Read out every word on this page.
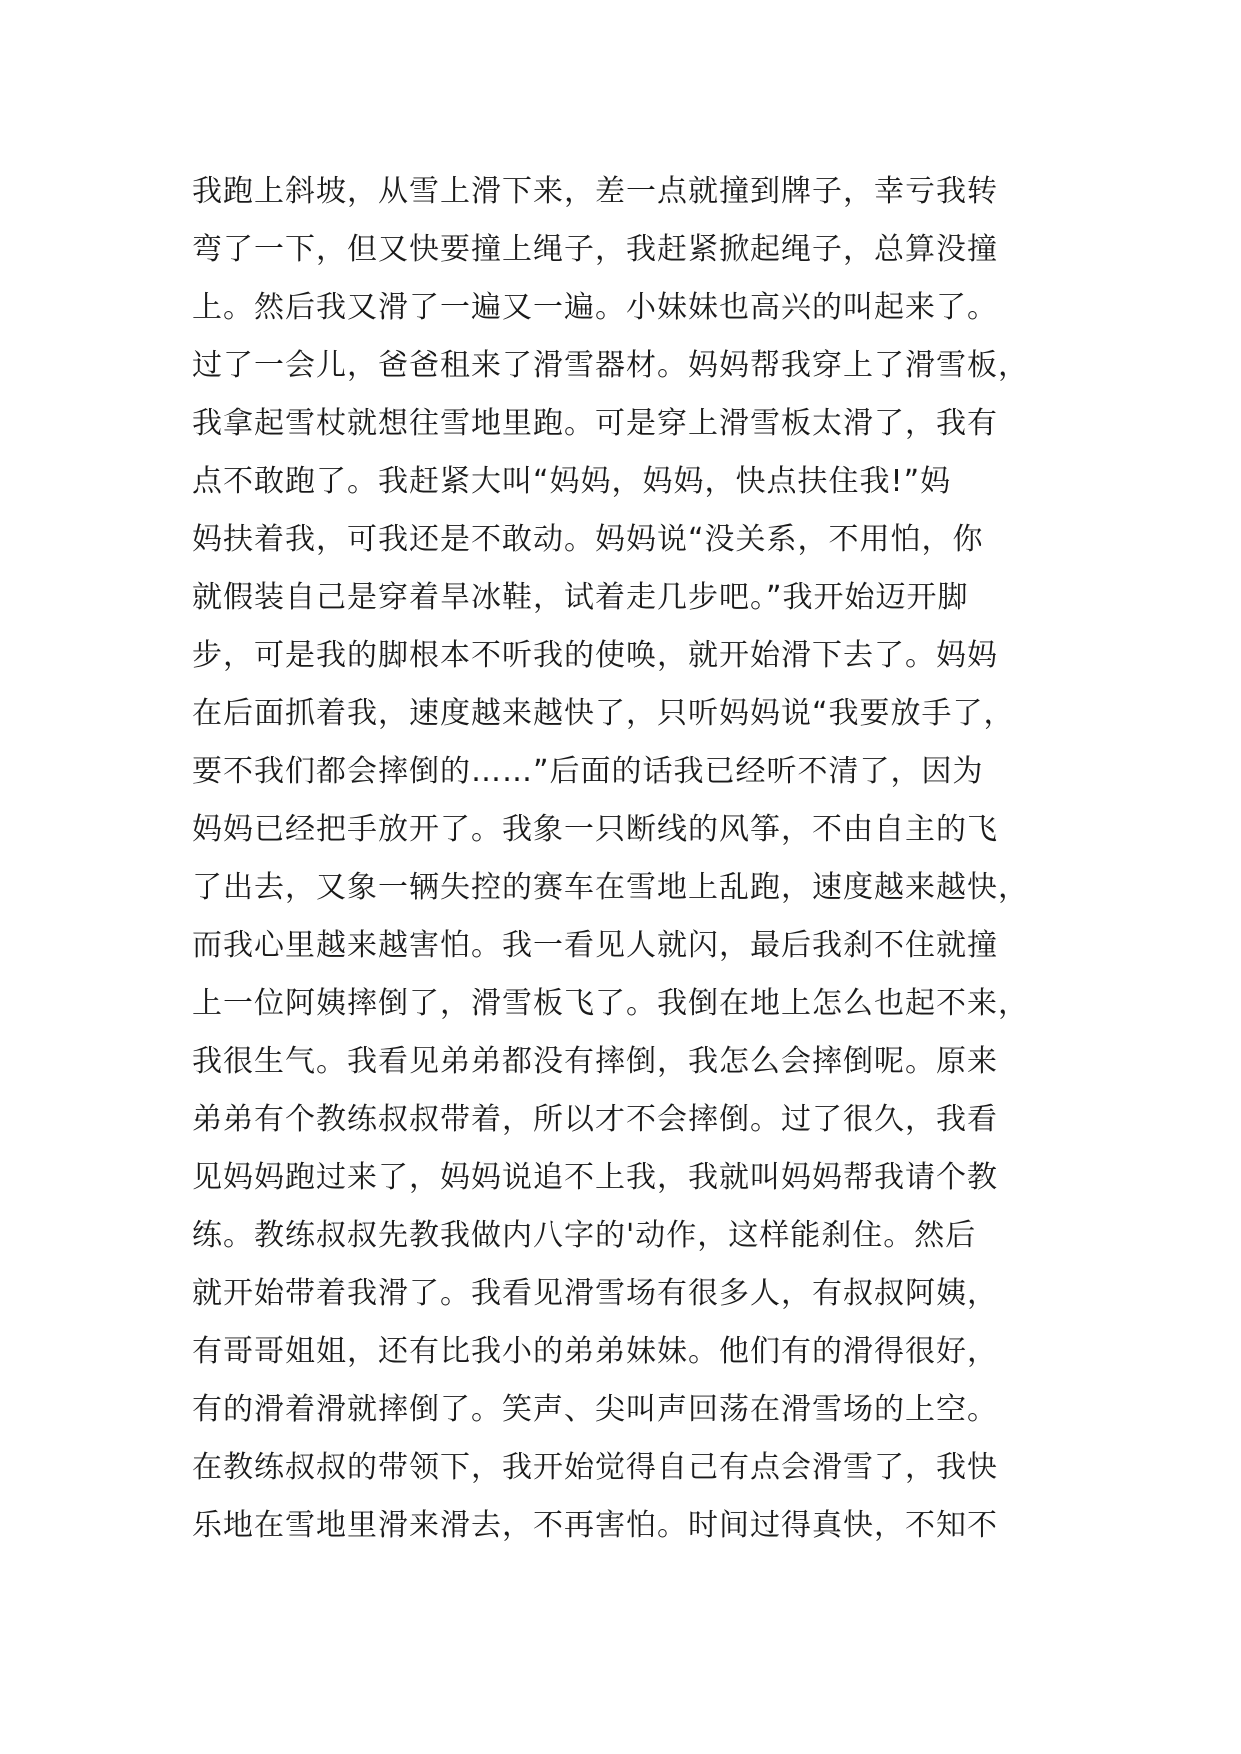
我跑上斜坡，从雪上滑下来，差一点就撞到牌子，幸亏我转
弯了一下，但又快要撞上绳子，我赶紧掀起绳子，总算没撞
上。然后我又滑了一遍又一遍。小妹妹也高兴的叫起来了。
过了一会儿，爸爸租来了滑雪器材。妈妈帮我穿上了滑雪板，
我拿起雪杖就想往雪地里跑。可是穿上滑雪板太滑了，我有
点不敢跑了。我赶紧大叫“妈妈，妈妈，快点扶住我!”妈
妈扶着我，可我还是不敢动。妈妈说“没关系，不用怕，你
就假装自己是穿着旱冰鞋，试着走几步吧。”我开始迈开脚
步，可是我的脚根本不听我的使唤，就开始滑下去了。妈妈
在后面抓着我，速度越来越快了，只听妈妈说“我要放手了，
要不我们都会摔倒的……”后面的话我已经听不清了，因为
妈妈已经把手放开了。我象一只断线的风筝，不由自主的飞
了出去，又象一辆失控的赛车在雪地上乱跑，速度越来越快，
而我心里越来越害怕。我一看见人就闪，最后我刹不住就撞
上一位阿姨摔倒了，滑雪板飞了。我倒在地上怎么也起不来，
我很生气。我看见弟弟都没有摔倒，我怎么会摔倒呢。原来
弟弟有个教练叔叔带着，所以才不会摔倒。过了很久，我看
见妈妈跑过来了，妈妈说追不上我，我就叫妈妈帮我请个教
练。教练叔叔先教我做内八字的'动作，这样能刹住。然后
就开始带着我滑了。我看见滑雪场有很多人，有叔叔阿姨，
有哥哥姐姐，还有比我小的弟弟妹妹。他们有的滑得很好，
有的滑着滑就摔倒了。笑声、尖叫声回荡在滑雪场的上空。
在教练叔叔的带领下，我开始觉得自己有点会滑雪了，我快
乐地在雪地里滑来滑去，不再害怕。时间过得真快，不知不
